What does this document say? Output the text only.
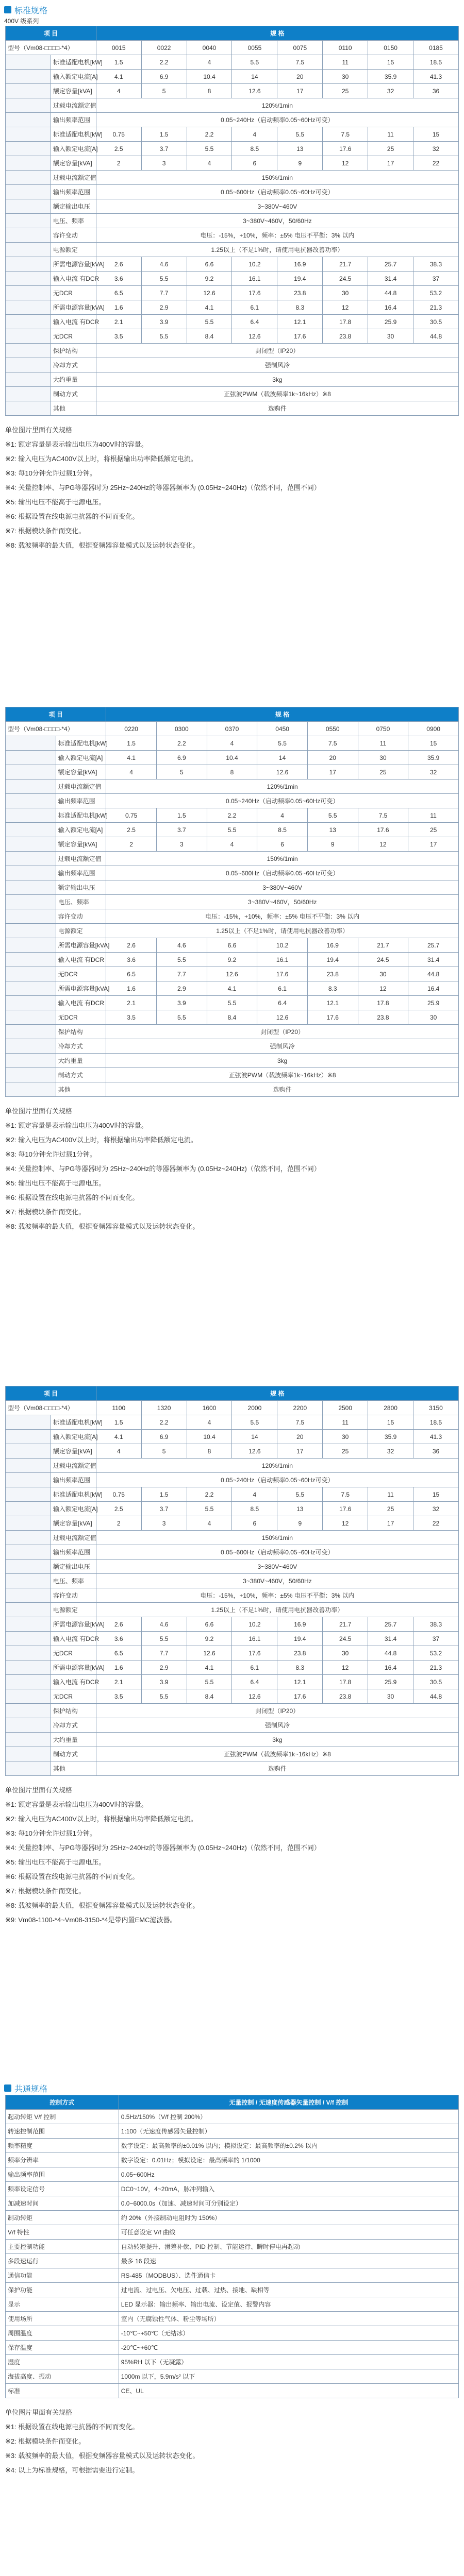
标准规格
400V 级系列
项 目		规 格							
型号（Vm08-□□□□-*4）		0015	0022	0040	0055	0075	0110	0150	0185
	标准适配电机[kW]	1.5	2.2	4	5.5	7.5	11	15	18.5
	输入额定电流[A]	4.1	6.9	10.4	14	20	30	35.9	41.3
	额定容量[kVA]	4	5	8	12.6	17	25	32	36
	过载电流额定值	120%/1min							
	输出频率范围	0.05~240Hz（启动频率0.05~60Hz可变）							
	标准适配电机[kW]	0.75	1.5	2.2	4	5.5	7.5	11	15
	输入额定电流[A]	2.5	3.7	5.5	8.5	13	17.6	25	32
	额定容量[kVA]	2	3	4	6	9	12	17	22
	过载电流额定值	150%/1min							
	输出频率范围	0.05~600Hz（启动频率0.05~60Hz可变）							
	额定输出电压	3~380V~460V							
	电压、频率	3~380V~460V，50/60Hz							
	容许变动	电压：-15%，+10%，频率：±5% 电压不平衡：3% 以内							
	电源额定	1.25以上（不足1%时，请使用电抗器改善功率）							
	所需电源容量[kVA]	2.6	4.6	6.6	10.2	16.9	21.7	25.7	38.3
	输入电流 有DCR	3.6	5.5	9.2	16.1	19.4	24.5	31.4	37
	无DCR	6.5	7.7	12.6	17.6	23.8	30	44.8	53.2
	所需电源容量[kVA]	1.6	2.9	4.1	6.1	8.3	12	16.4	21.3
	输入电流 有DCR	2.1	3.9	5.5	6.4	12.1	17.8	25.9	30.5
	无DCR	3.5	5.5	8.4	12.6	17.6	23.8	30	44.8
	保护结构	封闭型（IP20）							
	冷却方式	强制风冷							
	大约重量	3kg							
	制动方式	正弦波PWM（载波频率1k~16kHz）※8							
	其他	选购件							
单位图片里面有关规格
※1: 额定容量是表示输出电压为400V时的容量。
※2: 输入电压为AC400V以上时，将根据输出功率降低额定电流。
※3: 每10分钟允许过载1分钟。
※4: 关量控制率、与PG等器器时为 25Hz~240Hz的等器器频率为 (0.05Hz~240Hz)（依然不同，范围不同）
※5: 输出电压不能高于电源电压。
※6: 根据设置在线电源电抗器的不同而变化。
※7: 根据模块条件而变化。
※8: 载波频率的最大值，根据变频器容量模式以及运转状态变化。
项 目		规 格						
型号（Vm08-□□□□-*4）		0220	0300	0370	0450	0550	0750	0900
	标准适配电机[kW]	1.5	2.2	4	5.5	7.5	11	15
	输入额定电流[A]	4.1	6.9	10.4	14	20	30	35.9
	额定容量[kVA]	4	5	8	12.6	17	25	32
	过载电流额定值	120%/1min						
	输出频率范围	0.05~240Hz（启动频率0.05~60Hz可变）						
	标准适配电机[kW]	0.75	1.5	2.2	4	5.5	7.5	11
	输入额定电流[A]	2.5	3.7	5.5	8.5	13	17.6	25
	额定容量[kVA]	2	3	4	6	9	12	17
	过载电流额定值	150%/1min						
	输出频率范围	0.05~600Hz（启动频率0.05~60Hz可变）						
	额定输出电压	3~380V~460V						
	电压、频率	3~380V~460V，50/60Hz						
	容许变动	电压：-15%，+10%，频率：±5% 电压不平衡：3% 以内						
	电源额定	1.25以上（不足1%时，请使用电抗器改善功率）						
	所需电源容量[kVA]	2.6	4.6	6.6	10.2	16.9	21.7	25.7
	输入电流 有DCR	3.6	5.5	9.2	16.1	19.4	24.5	31.4
	无DCR	6.5	7.7	12.6	17.6	23.8	30	44.8
	所需电源容量[kVA]	1.6	2.9	4.1	6.1	8.3	12	16.4
	输入电流 有DCR	2.1	3.9	5.5	6.4	12.1	17.8	25.9
	无DCR	3.5	5.5	8.4	12.6	17.6	23.8	30
	保护结构	封闭型（IP20）						
	冷却方式	强制风冷						
	大约重量	3kg						
	制动方式	正弦波PWM（载波频率1k~16kHz）※8						
	其他	选购件						
单位图片里面有关规格
※1: 额定容量是表示输出电压为400V时的容量。
※2: 输入电压为AC400V以上时，将根据输出功率降低额定电流。
※3: 每10分钟允许过载1分钟。
※4: 关量控制率、与PG等器器时为 25Hz~240Hz的等器器频率为 (0.05Hz~240Hz)（依然不同，范围不同）
※5: 输出电压不能高于电源电压。
※6: 根据设置在线电源电抗器的不同而变化。
※7: 根据模块条件而变化。
※8: 载波频率的最大值，根据变频器容量模式以及运转状态变化。
项 目		规 格							
型号（Vm08-□□□□-*4）		1100	1320	1600	2000	2200	2500	2800	3150
	标准适配电机[kW]	1.5	2.2	4	5.5	7.5	11	15	18.5
	输入额定电流[A]	4.1	6.9	10.4	14	20	30	35.9	41.3
	额定容量[kVA]	4	5	8	12.6	17	25	32	36
	过载电流额定值	120%/1min							
	输出频率范围	0.05~240Hz（启动频率0.05~60Hz可变）							
	标准适配电机[kW]	0.75	1.5	2.2	4	5.5	7.5	11	15
	输入额定电流[A]	2.5	3.7	5.5	8.5	13	17.6	25	32
	额定容量[kVA]	2	3	4	6	9	12	17	22
	过载电流额定值	150%/1min							
	输出频率范围	0.05~600Hz（启动频率0.05~60Hz可变）							
	额定输出电压	3~380V~460V							
	电压、频率	3~380V~460V，50/60Hz							
	容许变动	电压：-15%，+10%，频率：±5% 电压不平衡：3% 以内							
	电源额定	1.25以上（不足1%时，请使用电抗器改善功率）							
	所需电源容量[kVA]	2.6	4.6	6.6	10.2	16.9	21.7	25.7	38.3
	输入电流 有DCR	3.6	5.5	9.2	16.1	19.4	24.5	31.4	37
	无DCR	6.5	7.7	12.6	17.6	23.8	30	44.8	53.2
	所需电源容量[kVA]	1.6	2.9	4.1	6.1	8.3	12	16.4	21.3
	输入电流 有DCR	2.1	3.9	5.5	6.4	12.1	17.8	25.9	30.5
	无DCR	3.5	5.5	8.4	12.6	17.6	23.8	30	44.8
	保护结构	封闭型（IP20）							
	冷却方式	强制风冷							
	大约重量	3kg							
	制动方式	正弦波PWM（载波频率1k~16kHz）※8							
	其他	选购件							
单位图片里面有关规格
※1: 额定容量是表示输出电压为400V时的容量。
※2: 输入电压为AC400V以上时，将根据输出功率降低额定电流。
※3: 每10分钟允许过载1分钟。
※4: 关量控制率、与PG等器器时为 25Hz~240Hz的等器器频率为 (0.05Hz~240Hz)（依然不同，范围不同）
※5: 输出电压不能高于电源电压。
※6: 根据设置在线电源电抗器的不同而变化。
※7: 根据模块条件而变化。
※8: 载波频率的最大值，根据变频器容量模式以及运转状态变化。
※9: Vm08-1100-*4~Vm08-3150-*4是带内置EMC滤波器。
共通规格
控制方式	无量控制 / 无速度传感器矢量控制 / V/f 控制
起动转矩 V/f 控制	0.5Hz/150%（V/f 控制 200%）
转速控制范围	1:100（无速度传感器矢量控制）
频率精度	数字设定：最高频率的±0.01% 以内；模拟设定：最高频率的±0.2% 以内
频率分辨率	数字设定：0.01Hz；模拟设定：最高频率的 1/1000
输出频率范围	0.05~600Hz
频率设定信号	DC0~10V，4~20mA，脉冲列输入
加减速时间	0.0~6000.0s（加速、减速时间可分别设定）
制动转矩	约 20%（外接制动电阻时为 150%）
V/f 特性	可任意设定 V/f 曲线
主要控制功能	自动转矩提升、滑差补偿、PID 控制、节能运行、瞬时停电再起动
多段速运行	最多 16 段速
通信功能	RS-485（MODBUS）、选件通信卡
保护功能	过电流、过电压、欠电压、过载、过热、接地、缺相等
显示	LED 显示器：输出频率、输出电流、设定值、报警内容
使用场所	室内（无腐蚀性气体、粉尘等场所）
周围温度	-10℃~+50℃（无结冰）
保存温度	-20℃~+60℃
湿度	95%RH 以下（无凝露）
海拔高度、振动	1000m 以下，5.9m/s² 以下
标准	CE、UL
单位图片里面有关规格
※1: 根据设置在线电源电抗器的不同而变化。
※2: 根据模块条件而变化。
※3: 载波频率的最大值，根据变频器容量模式以及运转状态变化。
※4: 以上为标准规格，可根据需要进行定制。
